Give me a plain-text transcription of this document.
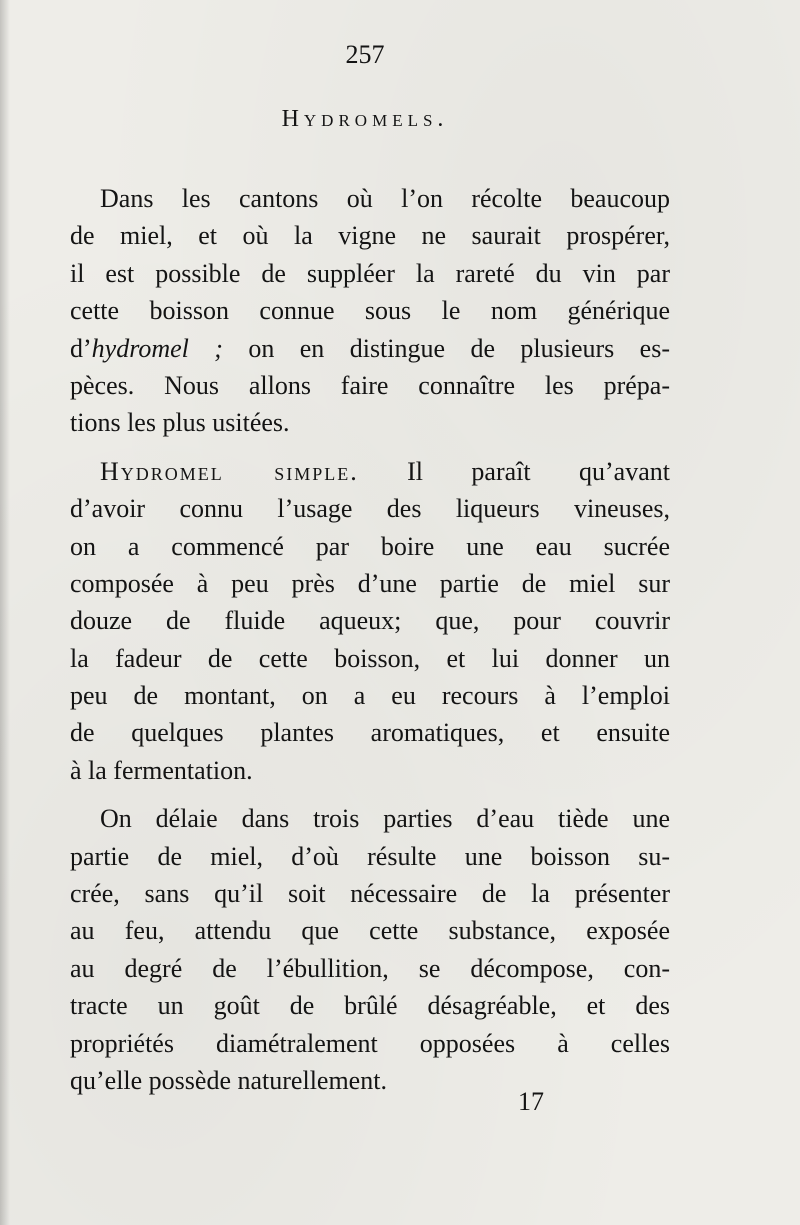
257
Hydromels.
Dans les cantons où l’on récolte beaucoup
de miel, et où la vigne ne saurait prospérer,
il est possible de suppléer la rareté du vin par
cette boisson connue sous le nom générique
d’hydromel ; on en distingue de plusieurs es-
pèces. Nous allons faire connaître les prépa-
tions les plus usitées.
Hydromel simple. Il paraît qu’avant
d’avoir connu l’usage des liqueurs vineuses,
on a commencé par boire une eau sucrée
composée à peu près d’une partie de miel sur
douze de fluide aqueux; que, pour couvrir
la fadeur de cette boisson, et lui donner un
peu de montant, on a eu recours à l’emploi
de quelques plantes aromatiques, et ensuite
à la fermentation.
On délaie dans trois parties d’eau tiède une
partie de miel, d’où résulte une boisson su-
crée, sans qu’il soit nécessaire de la présenter
au feu, attendu que cette substance, exposée
au degré de l’ébullition, se décompose, con-
tracte un goût de brûlé désagréable, et des
propriétés diamétralement opposées à celles
qu’elle possède naturellement.
17
